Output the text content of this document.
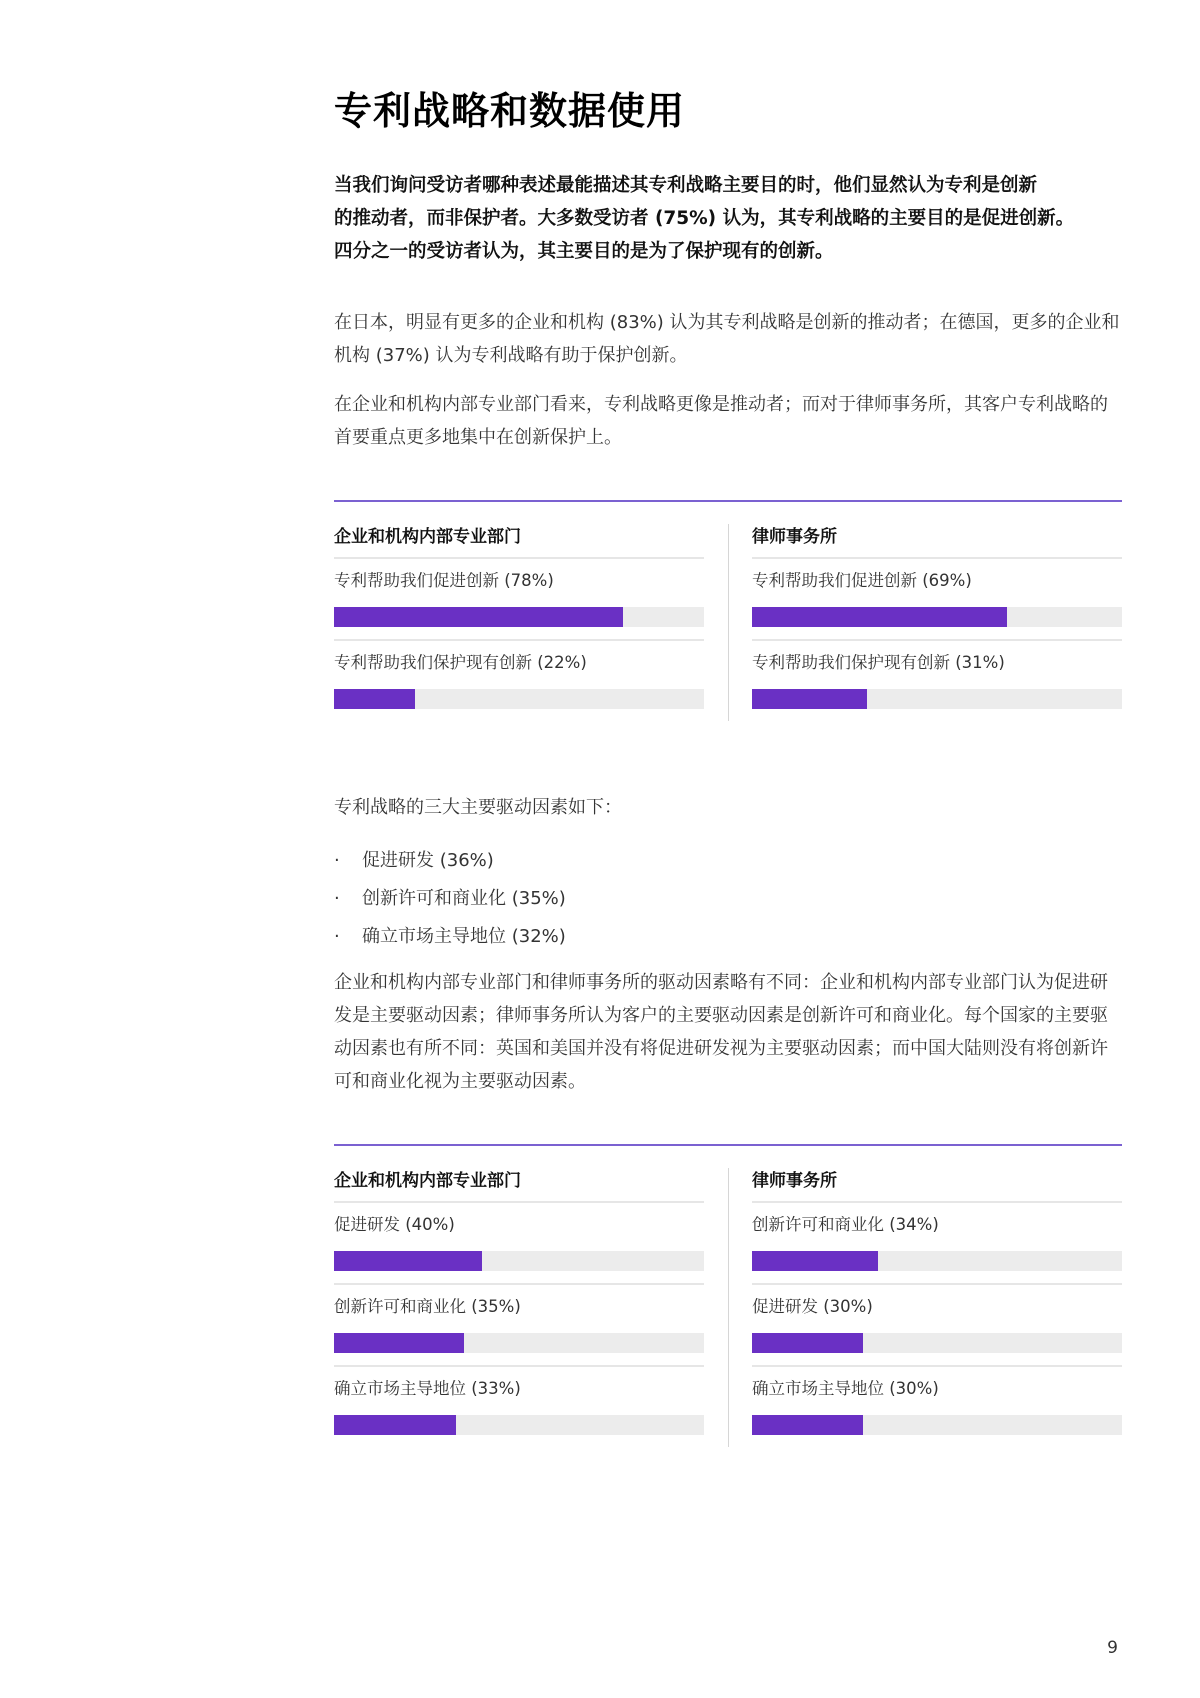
专利战略和数据使用

当我们询问受访者哪种表述最能描述其专利战略主要目的时，他们显然认为专利是创新

的推动者，而非保护者。大多数受访者 (75%) 认为，其专利战略的主要目的是促进创新。

四分之一的受访者认为，其主要目的是为了保护现有的创新。

在日本，明显有更多的企业和机构 (83%) 认为其专利战略是创新的推动者；在德国，更多的企业和机构 (37%) 认为专利战略有助于保护创新。

在企业和机构内部专业部门看来，专利战略更像是推动者；而对于律师事务所，其客户专利战略的首要重点更多地集中在创新保护上。

企业和机构内部专业部门
专利帮助我们促进创新 (78%)
专利帮助我们保护现有创新 (22%)
律师事务所
专利帮助我们促进创新 (69%)
专利帮助我们保护现有创新 (31%)

专利战略的三大主要驱动因素如下：

· 促进研发 (36%)
· 创新许可和商业化 (35%)
· 确立市场主导地位 (32%)

企业和机构内部专业部门和律师事务所的驱动因素略有不同：企业和机构内部专业部门认为促进研发是主要驱动因素；律师事务所认为客户的主要驱动因素是创新许可和商业化。每个国家的主要驱动因素也有所不同：英国和美国并没有将促进研发视为主要驱动因素；而中国大陆则没有将创新许可和商业化视为主要驱动因素。

企业和机构内部专业部门
促进研发 (40%)
创新许可和商业化 (35%)
确立市场主导地位 (33%)
律师事务所
创新许可和商业化 (34%)
促进研发 (30%)
确立市场主导地位 (30%)
9
